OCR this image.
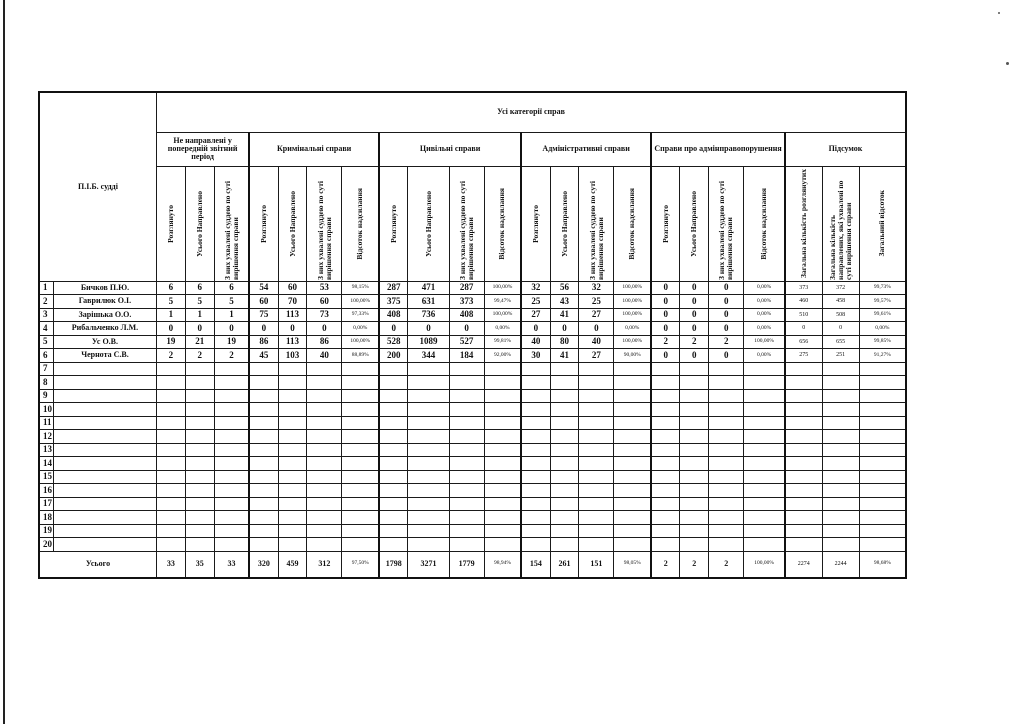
П.І.Б. судді		Усі категорії справ																					
		Не направлені у попередній звітний період			Кримінальні справи				Цивільні справи				Адміністративні справи				Справи про адмінправопорушення				Підсумок		

		Розглянуто	Усього Направлено	З них ухвалені суддею по суті вирішення справи	Розглянуто	Усього Направлено	З них ухвалені суддею по суті вирішення справи	Відсоток надсилання	Розглянуто	Усього Направлено	З них ухвалені суддею по суті вирішення справи	Відсоток надсилання	Розглянуто	Усього Направлено	З них ухвалені суддею по суті вирішення справи	Відсоток надсилання	Розглянуто	Усього Направлено	З них ухвалені суддею по суті вирішення справи	Відсоток надсилання	Загальна кількість розглянутих	Загальна кількість направлених, які ухвалені по суті вирішення справи	Загальний відсоток

1	Бичков П.Ю.	6	6	6	54	60	53	98,15%	287	471	287	100,00%	32	56	32	100,00%	0	0	0	0,00%	373	372	99,73%
2	Гаврилюк О.І.	5	5	5	60	70	60	100,00%	375	631	373	99,47%	25	43	25	100,00%	0	0	0	0,00%	460	458	99,57%
3	Зарішька О.О.	1	1	1	75	113	73	97,33%	408	736	408	100,00%	27	41	27	100,00%	0	0	0	0,00%	510	508	99,61%
4	Рибальченко Л.М.	0	0	0	0	0	0	0,00%	0	0	0	0,00%	0	0	0	0,00%	0	0	0	0,00%	0	0	0,00%
5	Ус О.В.	19	21	19	86	113	86	100,00%	528	1089	527	99,81%	40	80	40	100,00%	2	2	2	100,00%	656	655	99,85%
6	Чернота С.В.	2	2	2	45	103	40	88,89%	200	344	184	92,00%	30	41	27	90,00%	0	0	0	0,00%	275	251	91,27%
7																							
8																							
9																							
10																							
11																							
12																							
13																							
14																							
15																							
16																							
17																							
18																							
19																							
20																							
Усього		33	35	33	320	459	312	97,50%	1798	3271	1779	98,94%	154	261	151	98,05%	2	2	2	100,00%	2274	2244	98,68%
